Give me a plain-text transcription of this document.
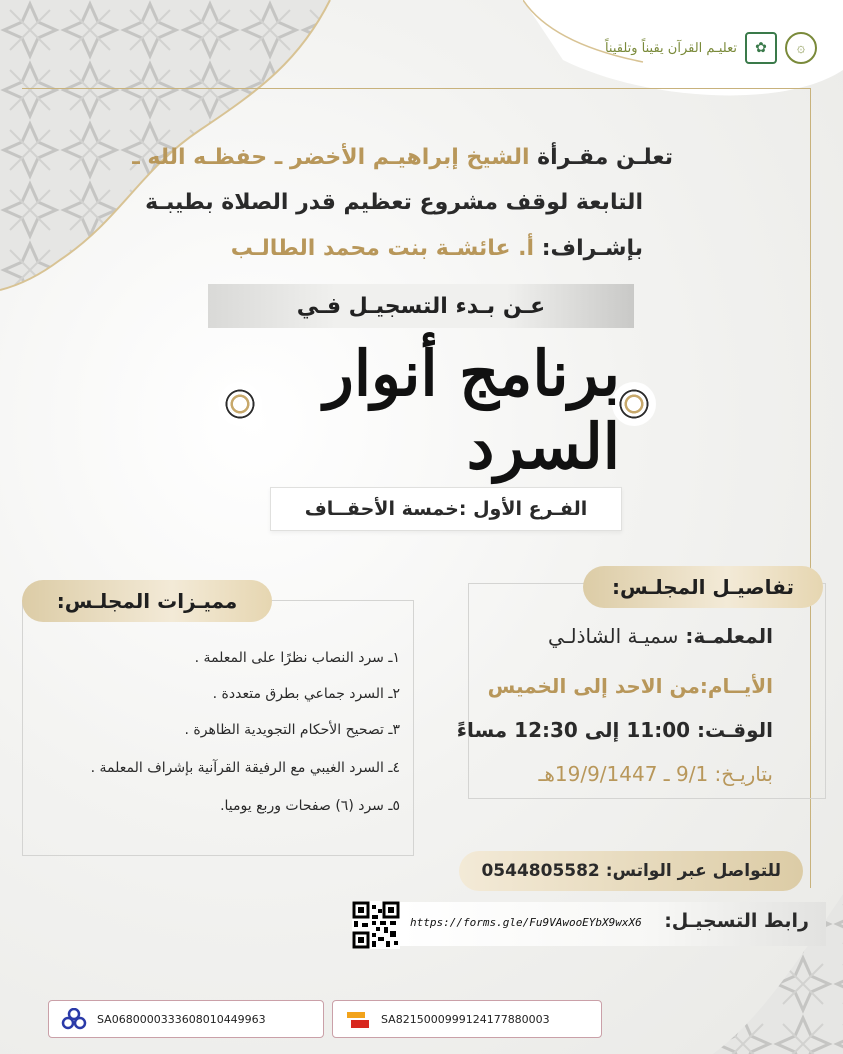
۞
✿
تعليـم القرآن يقيناً وتلقيناً
تعلـن مقـرأة الشيخ إبراهيـم الأخضر ـ حفظـه الله ـ
التابعة لوقف مشروع تعظيم قدر الصلاة بطيبـة
بإشـراف: أ. عائشـة بنت محمد الطالـب
عـن بـدء التسجيـل فـي
برنامج أنوار السرد
الفـرع الأول :خمسة الأحقــاف
تفاصيـل المجلـس:
المعلمـة: سميـة الشاذلـي
الأيــام:من الاحد إلى الخميس
الوقـت: 11:00 إلى 12:30 مساءً
بتاريـخ: 9/1 ـ 19/9/1447هـ
مميـزات المجلـس:
١ـ سرد النصاب نظرًا على المعلمة .
٢ـ السرد جماعي بطرق متعددة .
٣ـ تصحيح الأحكام التجويدية الظاهرة .
٤ـ السرد الغيبي مع الرفيقة القرآنية بإشراف المعلمة .
٥ـ سرد (٦) صفحات وربع يوميا.
للتواصل عبر الواتس:
0544805582
https://forms.gle/Fu9VAwooEYbX9wxX6 رابط التسجيـل:
SA0680000333608010449963	SA8215000999124177880003
